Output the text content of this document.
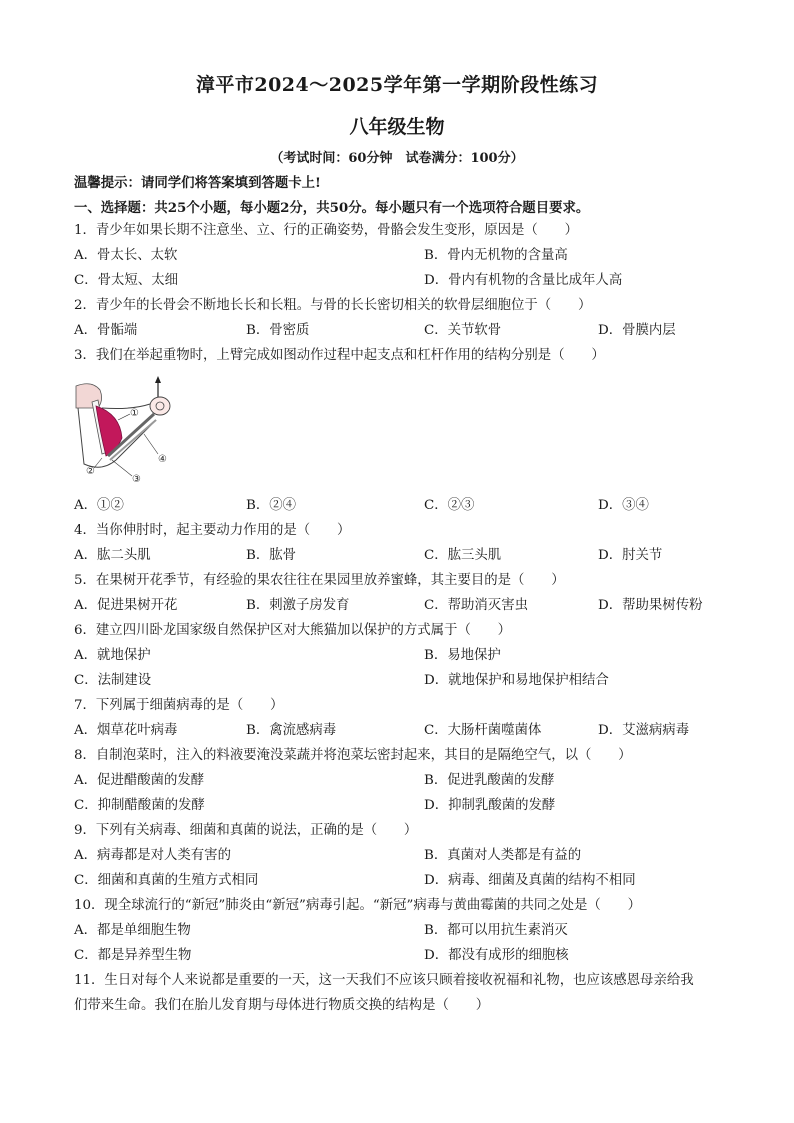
漳平市2024～2025学年第一学期阶段性练习
八年级生物
（考试时间：60分钟　试卷满分：100分）
温馨提示：请同学们将答案填到答题卡上!
一、选择题：共25个小题，每小题2分，共50分。每小题只有一个选项符合题目要求。
1．青少年如果长期不注意坐、立、行的正确姿势，骨骼会发生变形，原因是（　　）
A．骨太长、太软	B．骨内无机物的含量高
C．骨太短、太细	D．骨内有机物的含量比成年人高
2．青少年的长骨会不断地长长和长粗。与骨的长长密切相关的软骨层细胞位于（　　）
A．骨骺端	B．骨密质	C．关节软骨	D．骨膜内层
3．我们在举起重物时，上臂完成如图动作过程中起支点和杠杆作用的结构分别是（　　）
①
②
③
④
A．①②	B．②④	C．②③	D．③④
4．当你伸肘时，起主要动力作用的是（　　）
A．肱二头肌	B．肱骨	C．肱三头肌	D．肘关节
5．在果树开花季节，有经验的果农往往在果园里放养蜜蜂，其主要目的是（　　）
A．促进果树开花	B．刺激子房发育	C．帮助消灭害虫	D．帮助果树传粉
6．建立四川卧龙国家级自然保护区对大熊猫加以保护的方式属于（　　）
A．就地保护	B．易地保护
C．法制建设	D．就地保护和易地保护相结合
7．下列属于细菌病毒的是（　　）
A．烟草花叶病毒	B．禽流感病毒	C．大肠杆菌噬菌体	D．艾滋病病毒
8．自制泡菜时，注入的料液要淹没菜蔬并将泡菜坛密封起来，其目的是隔绝空气，以（　　）
A．促进醋酸菌的发酵	B．促进乳酸菌的发酵
C．抑制醋酸菌的发酵	D．抑制乳酸菌的发酵
9．下列有关病毒、细菌和真菌的说法，正确的是（　　）
A．病毒都是对人类有害的	B．真菌对人类都是有益的
C．细菌和真菌的生殖方式相同	D．病毒、细菌及真菌的结构不相同
10．现全球流行的“新冠”肺炎由“新冠”病毒引起。“新冠”病毒与黄曲霉菌的共同之处是（　　）
A．都是单细胞生物	B．都可以用抗生素消灭
C．都是异养型生物	D．都没有成形的细胞核
11．生日对每个人来说都是重要的一天，这一天我们不应该只顾着接收祝福和礼物，也应该感恩母亲给我
们带来生命。我们在胎儿发育期与母体进行物质交换的结构是（　　）
